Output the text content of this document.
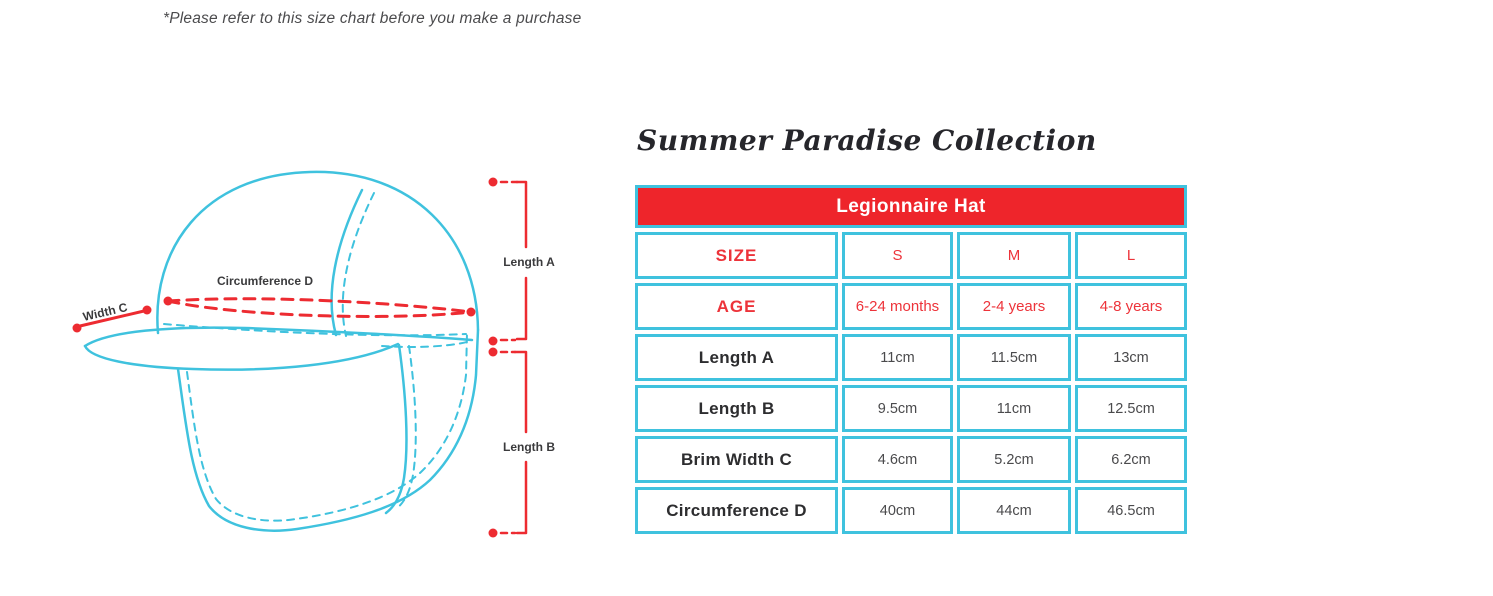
*Please refer to this size chart before you make a purchase
Summer Paradise Collection
Width C
Circumference D
Length A
Length B
Legionnaire Hat
SIZE	S	M	L
AGE	6-24 months	2-4 years	4-8 years
Length A	11cm	11.5cm	13cm
Length B	9.5cm	11cm	12.5cm
Brim Width C	4.6cm	5.2cm	6.2cm
Circumference D	40cm	44cm	46.5cm
